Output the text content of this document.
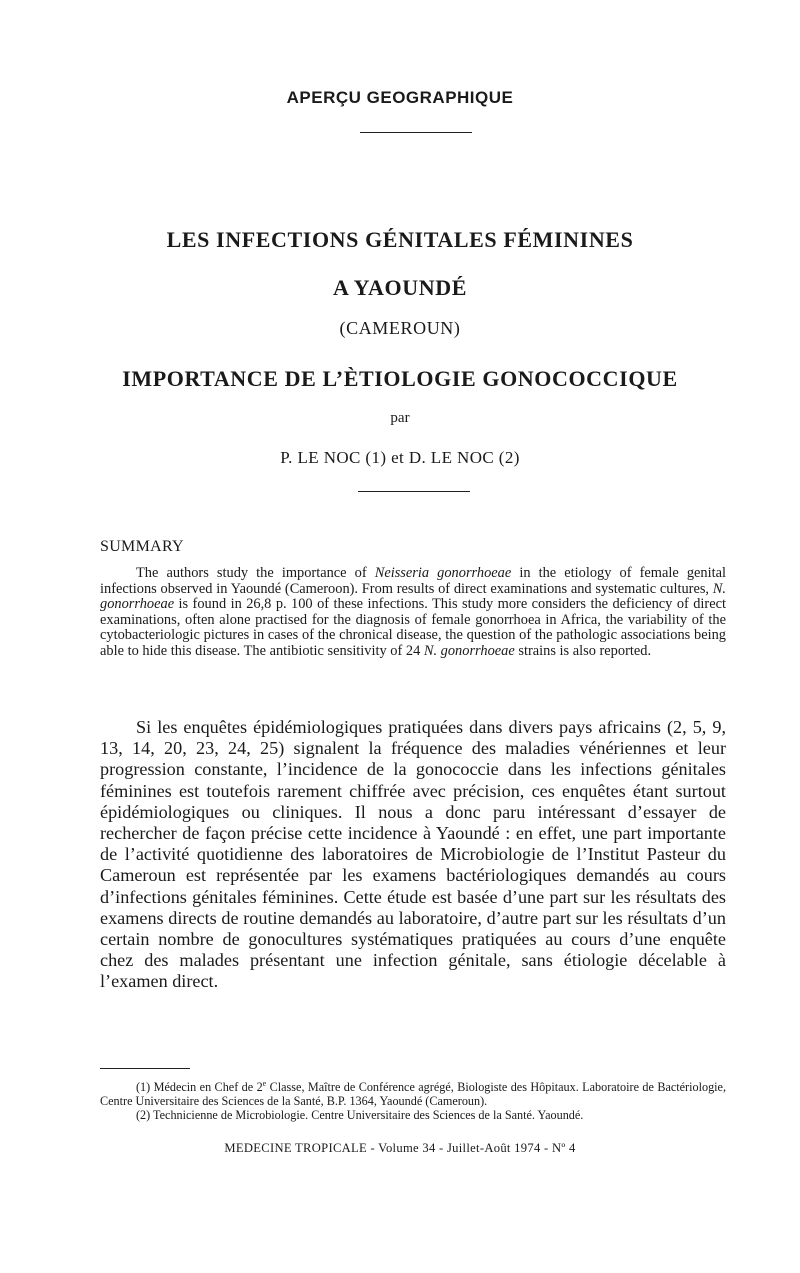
APERÇU GEOGRAPHIQUE
LES INFECTIONS GÉNITALES FÉMININES
A YAOUNDÉ
(CAMEROUN)
IMPORTANCE DE L’ÈTIOLOGIE GONOCOCCIQUE
par
P. LE NOC (1) et D. LE NOC (2)
SUMMARY
The authors study the importance of Neisseria gonorrhoeae in the etiology of female genital infections observed in Yaoundé (Cameroon). From results of direct examinations and systematic cultures, N. gonorrhoeae is found in 26,8 p. 100 of these infections. This study more considers the deficiency of direct examinations, often alone practised for the diagnosis of female gonorrhoea in Africa, the variability of the cytobacteriologic pictures in cases of the chronical disease, the question of the pathologic associations being able to hide this disease. The antibiotic sensitivity of 24 N. gonorrhoeae strains is also reported.
Si les enquêtes épidémiologiques pratiquées dans divers pays africains (2, 5, 9, 13, 14, 20, 23, 24, 25) signalent la fréquence des maladies vénériennes et leur progression constante, l’incidence de la gonococcie dans les infections génitales féminines est toutefois rarement chiffrée avec précision, ces enquêtes étant surtout épidémiologiques ou cliniques. Il nous a donc paru intéressant d’essayer de rechercher de façon précise cette incidence à Yaoundé : en effet, une part importante de l’activité quotidienne des laboratoires de Microbiologie de l’Institut Pasteur du Cameroun est représentée par les examens bactériologiques demandés au cours d’infections génitales féminines. Cette étude est basée d’une part sur les résultats des examens directs de routine demandés au laboratoire, d’autre part sur les résultats d’un certain nombre de gonocultures systématiques pratiquées au cours d’une enquête chez des malades présentant une infection génitale, sans étiologie décelable à l’examen direct.
(1) Médecin en Chef de 2e Classe, Maître de Conférence agrégé, Biologiste des Hôpitaux. Laboratoire de Bactériologie, Centre Universitaire des Sciences de la Santé, B.P. 1364, Yaoundé (Cameroun).
(2) Technicienne de Microbiologie. Centre Universitaire des Sciences de la Santé. Yaoundé.
MEDECINE TROPICALE - Volume 34 - Juillet-Août 1974 - Nº 4
